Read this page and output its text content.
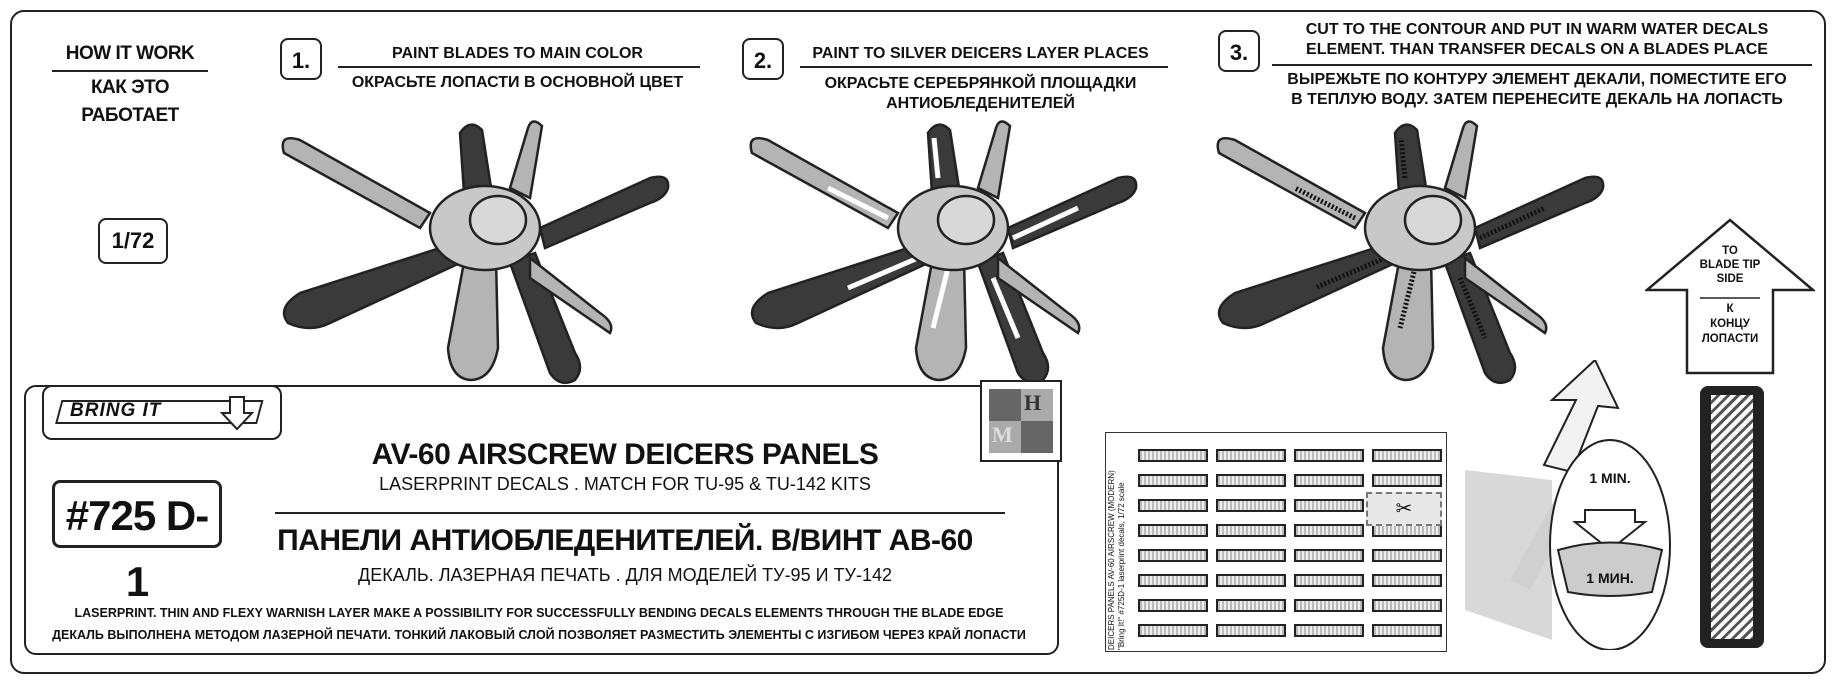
HOW IT WORK
КАК ЭТО РАБОТАЕТ
1/72
1.	PAINT BLADES TO MAIN COLOR
ОКРАСЬТЕ ЛОПАСТИ В ОСНОВНОЙ ЦВЕТ
2.	PAINT TO SILVER DEICERS LAYER PLACES
ОКРАСЬТЕ СЕРЕБРЯНКОЙ ПЛОЩАДКИ
АНТИОБЛЕДЕНИТЕЛЕЙ
3.
CUT TO THE CONTOUR AND PUT IN WARM WATER DECALS
ELEMENT. THAN TRANSFER DECALS ON A BLADES PLACE
ВЫРЕЖЬТЕ ПО КОНТУРУ ЭЛЕМЕНТ ДЕКАЛИ, ПОМЕСТИТЕ ЕГО
В ТЕПЛУЮ ВОДУ. ЗАТЕМ ПЕРЕНЕСИТЕ ДЕКАЛЬ НА ЛОПАСТЬ
TO
BLADE TIP
SIDE
К
КОНЦУ
ЛОПАСТИ
BRING IT	H
M
#725 D-1
AV-60 AIRSCREW DEICERS PANELS
LASERPRINT DECALS . MATCH FOR TU-95 & TU-142 KITS
ПАНЕЛИ АНТИОБЛЕДЕНИТЕЛЕЙ. В/ВИНТ АВ-60
ДЕКАЛЬ. ЛАЗЕРНАЯ ПЕЧАТЬ . ДЛЯ МОДЕЛЕЙ ТУ-95 И ТУ-142
LASERPRINT. THIN AND FLEXY WARNISH LAYER MAKE A POSSIBILITY FOR SUCCESSFULLY BENDING DECALS ELEMENTS THROUGH THE BLADE EDGE
ДЕКАЛЬ ВЫПОЛНЕНА МЕТОДОМ ЛАЗЕРНОЙ ПЕЧАТИ. ТОНКИЙ ЛАКОВЫЙ СЛОЙ ПОЗВОЛЯЕТ РАЗМЕСТИТЬ ЭЛЕМЕНТЫ С ИЗГИБОМ ЧЕРЕЗ КРАЙ ЛОПАСТИ	DEICERS PANELS AV-60 AIRSCREW (MODERN) "Bring It!" #725D-1 laserprint decals, 1/72 scale	✂
1 MIN.
1 МИН.
